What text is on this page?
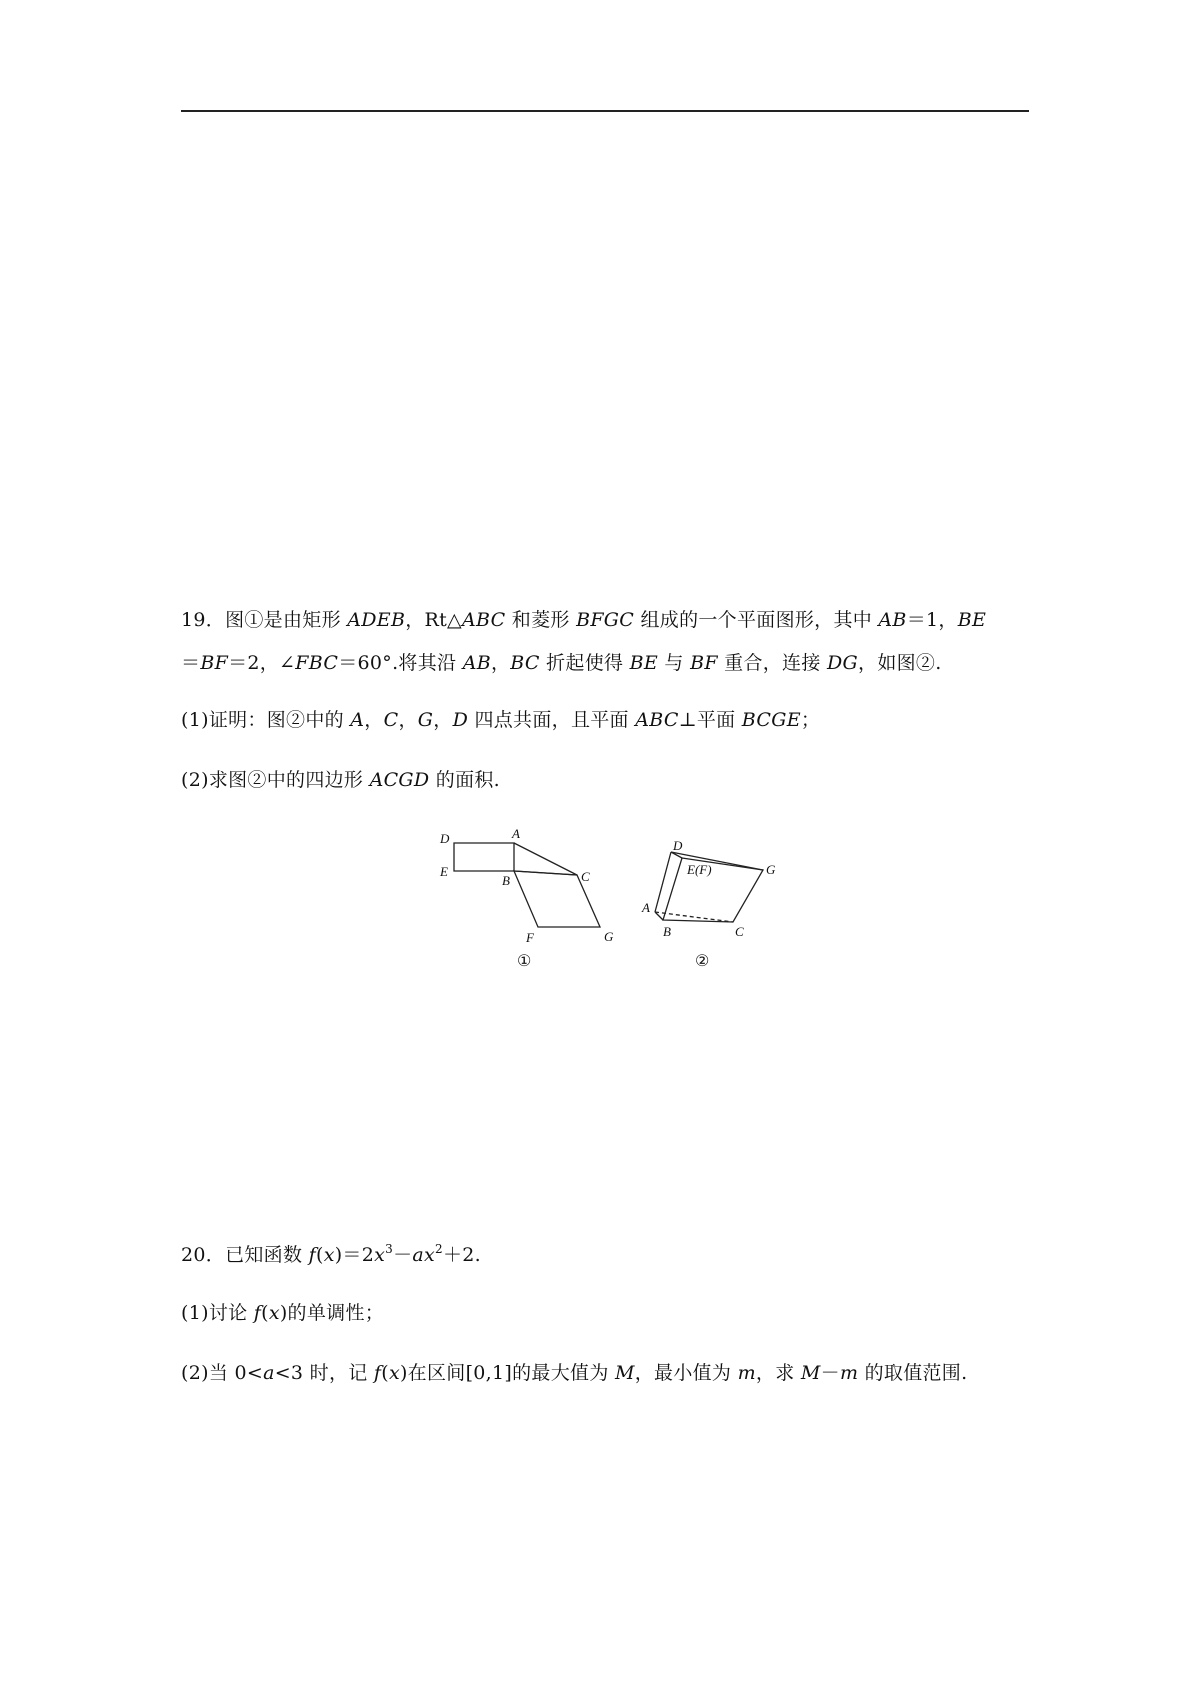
19．图①是由矩形 ADEB，Rt△ABC 和菱形 BFGC 组成的一个平面图形，其中 AB＝1，BE
＝BF＝2，∠FBC＝60°.将其沿 AB，BC 折起使得 BE 与 BF 重合，连接 DG，如图②.
(1)证明：图②中的 A，C，G，D 四点共面，且平面 ABC⊥平面 BCGE；
(2)求图②中的四边形 ACGD 的面积.
D	A
E
B	C
F	G
①
D
E(F)	G
A
B	C
②
20．已知函数 $f(x)=2x^3-ax^2+2$.
(1)讨论 f(x)的单调性；
(2)当 0<a<3 时，记 f(x)在区间[0,1]的最大值为 M，最小值为 m，求 M－m 的取值范围.
